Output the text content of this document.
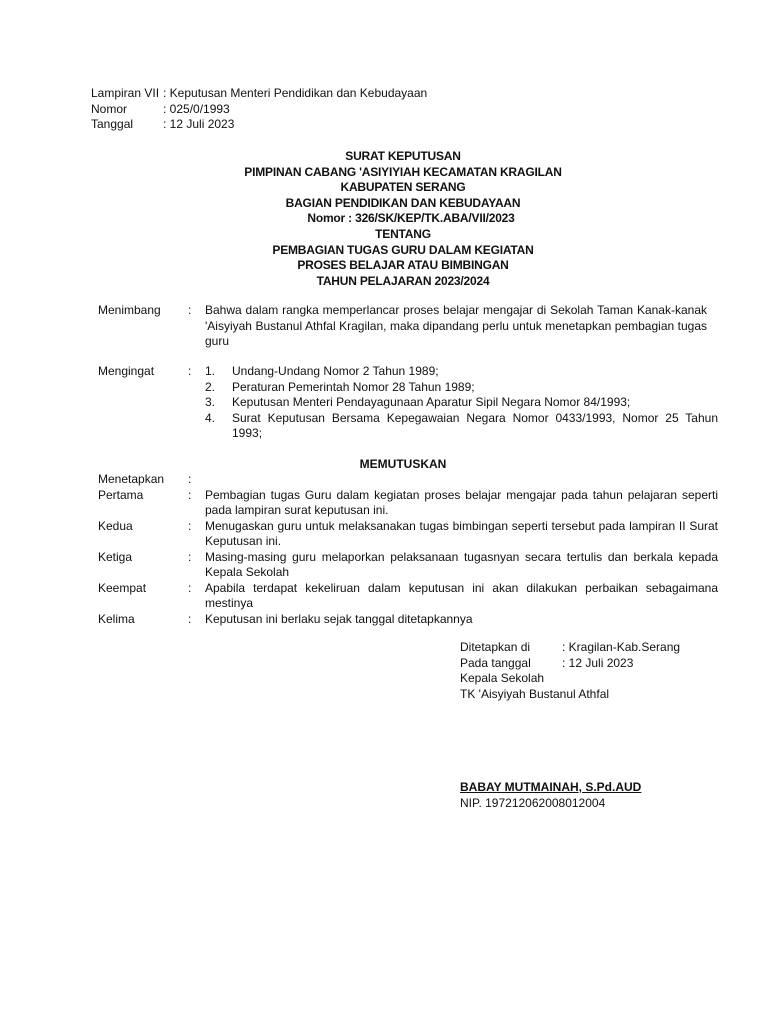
Lampiran VII : Keputusan Menteri Pendidikan dan Kebudayaan
Nomor	: 025/0/1993
Tanggal	: 12 Juli 2023
SURAT KEPUTUSAN
PIMPINAN CABANG 'ASIYIYIAH KECAMATAN KRAGILAN
KABUPATEN SERANG
BAGIAN PENDIDIKAN DAN KEBUDAYAAN
Nomor : 326/SK/KEP/TK.ABA/VII/2023
TENTANG
PEMBAGIAN TUGAS GURU DALAM KEGIATAN
PROSES BELAJAR ATAU BIMBINGAN
TAHUN PELAJARAN 2023/2024
Menimbang	:	Bahwa dalam rangka memperlancar proses belajar mengajar di Sekolah Taman Kanak-kanak 'Aisyiyah Bustanul Athfal Kragilan, maka dipandang perlu untuk menetapkan pembagian tugas guru
Mengingat	:	1.	Undang-Undang Nomor 2 Tahun 1989;
2.	Peraturan Pemerintah Nomor 28 Tahun 1989;
3.	Keputusan Menteri Pendayagunaan Aparatur Sipil Negara Nomor 84/1993;
4.	Surat Keputusan Bersama Kepegawaian Negara Nomor 0433/1993, Nomor 25 Tahun 1993;
MEMUTUSKAN
Menetapkan	:
Pertama	:	Pembagian tugas Guru dalam kegiatan proses belajar mengajar pada tahun pelajaran seperti pada lampiran surat keputusan ini.
Kedua	:	Menugaskan guru untuk melaksanakan tugas bimbingan seperti tersebut pada lampiran II Surat Keputusan ini.
Ketiga	:	Masing-masing guru melaporkan pelaksanaan tugasnyan secara tertulis dan berkala kepada Kepala Sekolah
Keempat	:	Apabila terdapat kekeliruan dalam keputusan ini akan dilakukan perbaikan sebagaimana mestinya
Kelima	:	Keputusan ini berlaku sejak tanggal ditetapkannya
Ditetapkan di	: Kragilan-Kab.Serang
Pada tanggal	: 12 Juli 2023
Kepala Sekolah
TK 'Aisyiyah Bustanul Athfal
BABAY MUTMAINAH, S.Pd.AUD
NIP. 197212062008012004
